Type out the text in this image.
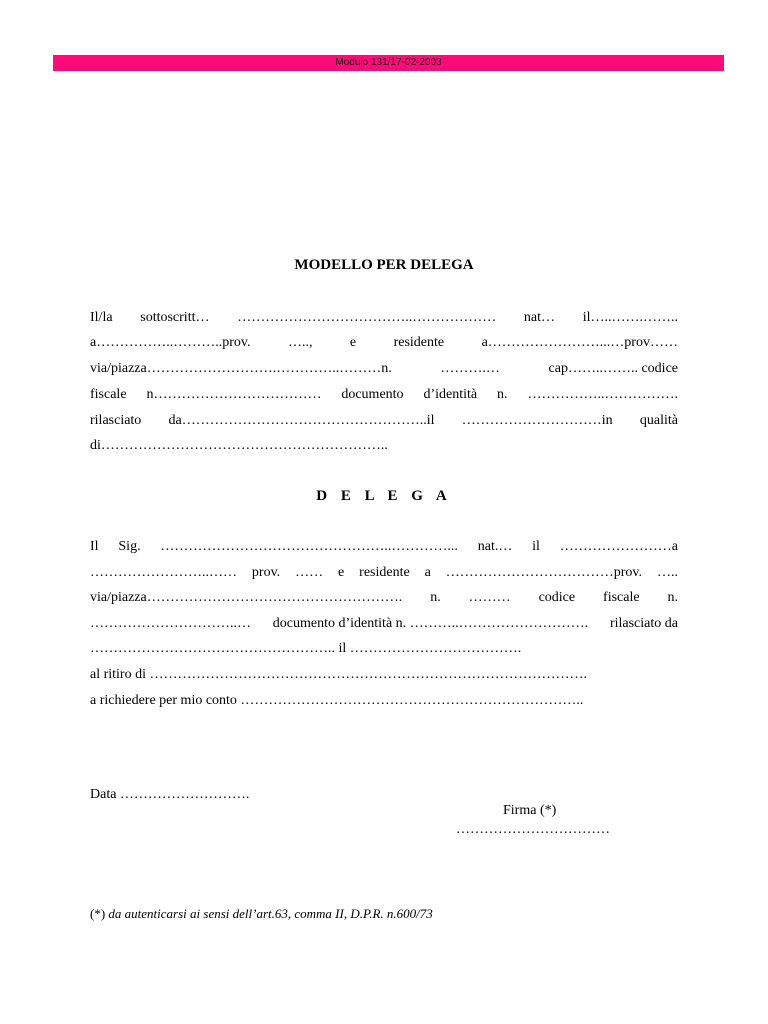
Modulo 131/17-02-2003
MODELLO PER DELEGA
Il/la sottoscritt… ………………………………..……………… nat… il…..…….……..
a……………..………..prov.	…..,	e	residente	a……………………...…prov……
via/piazza……………………….…………..………n.	……….…	cap……..…….. codice
fiscale n……………………………… documento d’identità n. ……………..…………….
rilasciato da……………………………………………..il …………………………in qualità
di……………………………………………………..
D E L E G A
Il Sig. …………………………………………..…………... nat.… il ……………………a
……………………..…… prov. …… e residente a ………………………………prov. …..
via/piazza………………………………………………. n. ……… codice fiscale n.
…………………………..… documento d’identità n. ………..………………………. rilasciato da
…………………………………………….. il ……………………………….
al ritiro di ………………………………………………………………………………….
a richiedere per mio conto ………………………………………………………………..
Data ……………………….
Firma (*)
……………………………
(*) da autenticarsi ai sensi dell’art.63, comma II, D.P.R. n.600/73
